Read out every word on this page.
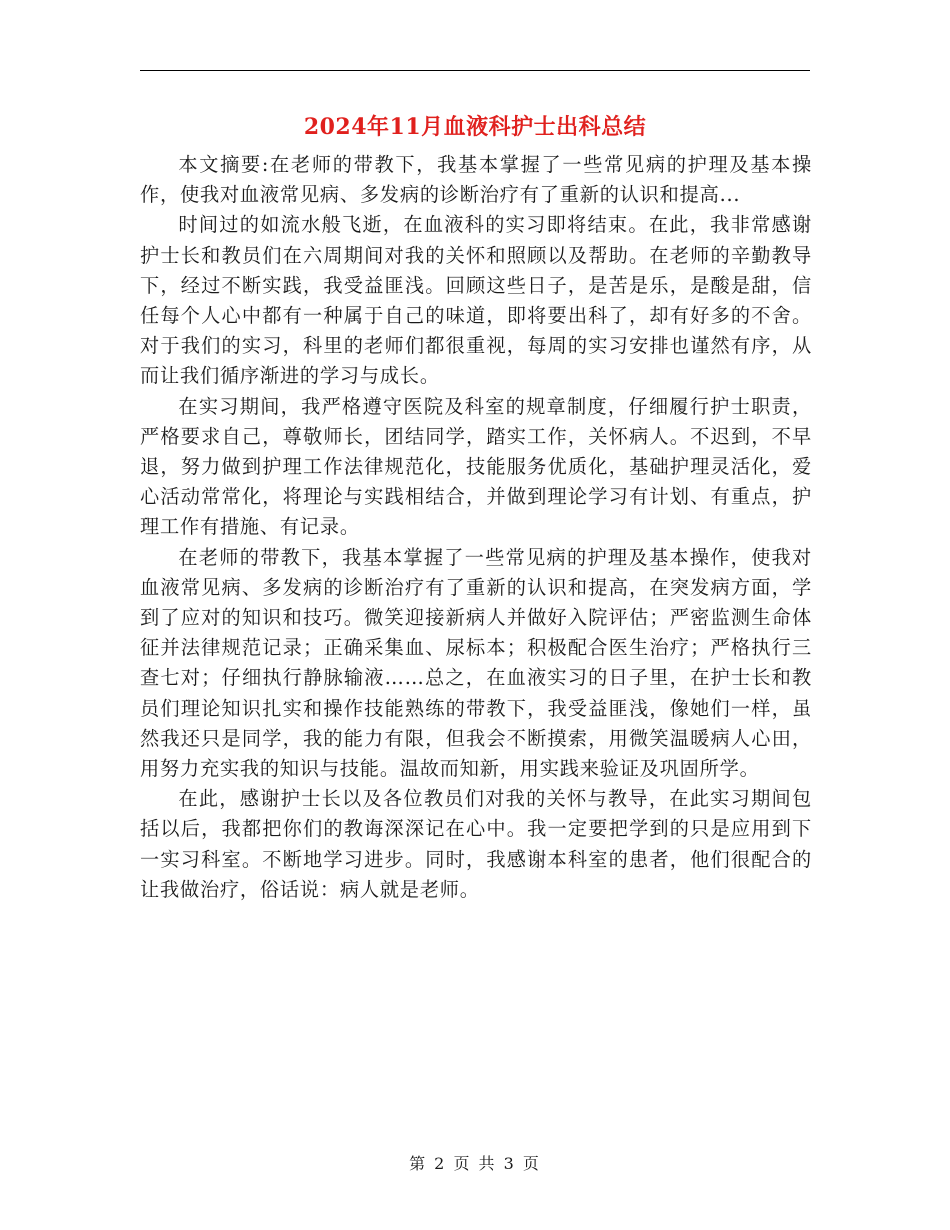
2024年11月血液科护士出科总结

本文摘要:在老师的带教下，我基本掌握了一些常见病的护理及基本操作，使我对血液常见病、多发病的诊断治疗有了重新的认识和提高...

时间过的如流水般飞逝，在血液科的实习即将结束。在此，我非常感谢护士长和教员们在六周期间对我的关怀和照顾以及帮助。在老师的辛勤教导下，经过不断实践，我受益匪浅。回顾这些日子，是苦是乐，是酸是甜，信任每个人心中都有一种属于自己的味道，即将要出科了，却有好多的不舍。对于我们的实习，科里的老师们都很重视，每周的实习安排也谨然有序，从而让我们循序渐进的学习与成长。

在实习期间，我严格遵守医院及科室的规章制度，仔细履行护士职责，严格要求自己，尊敬师长，团结同学，踏实工作，关怀病人。不迟到，不早退，努力做到护理工作法律规范化，技能服务优质化，基础护理灵活化，爱心活动常常化，将理论与实践相结合，并做到理论学习有计划、有重点，护理工作有措施、有记录。

在老师的带教下，我基本掌握了一些常见病的护理及基本操作，使我对血液常见病、多发病的诊断治疗有了重新的认识和提高，在突发病方面，学到了应对的知识和技巧。微笑迎接新病人并做好入院评估；严密监测生命体征并法律规范记录；正确采集血、尿标本；积极配合医生治疗；严格执行三查七对；仔细执行静脉输液……总之，在血液实习的日子里，在护士长和教员们理论知识扎实和操作技能熟练的带教下，我受益匪浅，像她们一样，虽然我还只是同学，我的能力有限，但我会不断摸索，用微笑温暖病人心田，用努力充实我的知识与技能。温故而知新，用实践来验证及巩固所学。

在此，感谢护士长以及各位教员们对我的关怀与教导，在此实习期间包括以后，我都把你们的教诲深深记在心中。我一定要把学到的只是应用到下一实习科室。不断地学习进步。同时，我感谢本科室的患者，他们很配合的让我做治疗，俗话说：病人就是老师。

第 2 页 共 3 页
